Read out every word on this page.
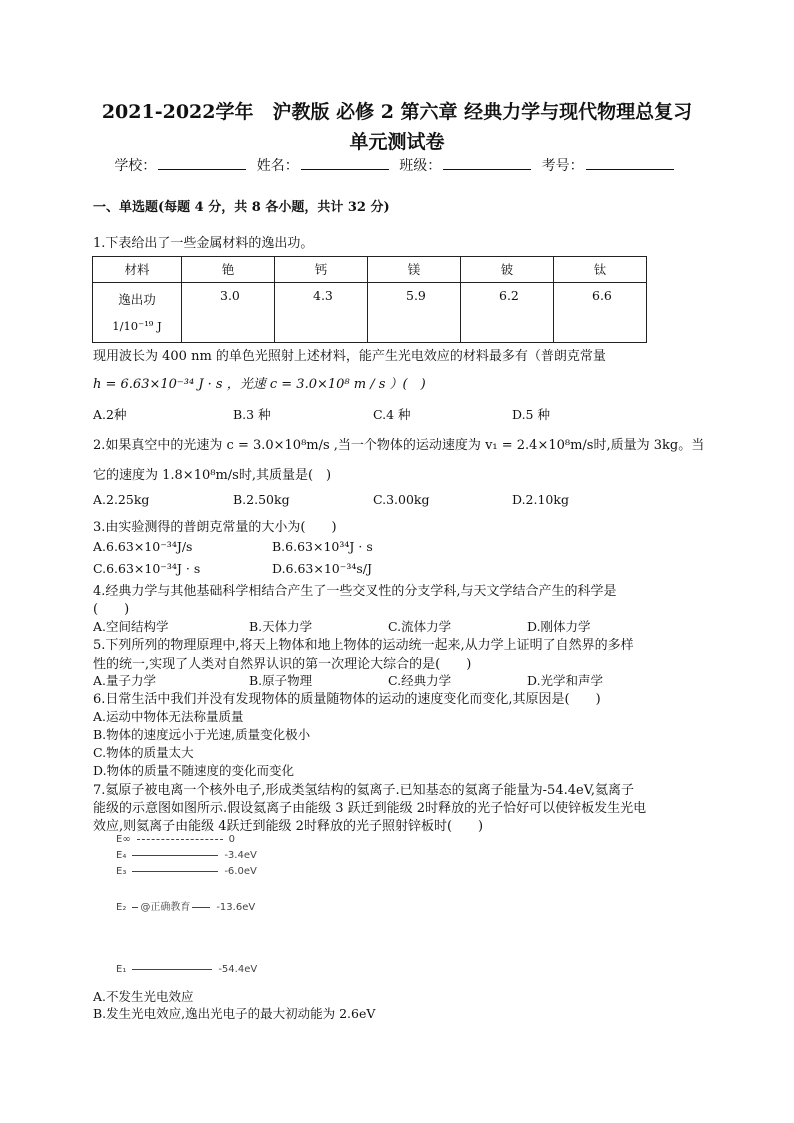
2021-2022学年　沪教版 必修 2 第六章 经典力学与现代物理总复习
单元测试卷
学校：	姓名：	班级：	考号：
一、单选题(每题 4 分，共 8 各小题，共计 32 分)
1.下表给出了一些金属材料的逸出功。
材料	铯	钙	镁	铍	钛

逸出功
1/10⁻¹⁹ J	3.0	4.3	5.9	6.2	6.6
现用波长为 400 nm 的单色光照射上述材料，能产生光电效应的材料最多有（普朗克常量
h = 6.63×10⁻³⁴ J · s ，光速 c = 3.0×10⁸ m / s ）(　)
A.2种	B.3 种	C.4 种	D.5 种
2.如果真空中的光速为 c = 3.0×10⁸m/s ,当一个物体的运动速度为 v₁ = 2.4×10⁸m/s时,质量为 3kg。当
它的速度为 1.8×10⁸m/s时,其质量是(　)
A.2.25kg	B.2.50kg	C.3.00kg	D.2.10kg
3.由实验测得的普朗克常量的大小为(　　)
A.6.63×10⁻³⁴J/s	B.6.63×10³⁴J · s
C.6.63×10⁻³⁴J · s	D.6.63×10⁻³⁴s/J
4.经典力学与其他基础科学相结合产生了一些交叉性的分支学科,与天文学结合产生的科学是
(　　)
A.空间结构学	B.天体力学	C.流体力学	D.刚体力学
5.下列所列的物理原理中,将天上物体和地上物体的运动统一起来,从力学上证明了自然界的多样
性的统一,实现了人类对自然界认识的第一次理论大综合的是(　　)
A.量子力学	B.原子物理	C.经典力学	D.光学和声学
6.日常生活中我们并没有发现物体的质量随物体的运动的速度变化而变化,其原因是(　　)
A.运动中物体无法称量质量
B.物体的速度远小于光速,质量变化极小
C.物体的质量太大
D.物体的质量不随速度的变化而变化
7.氦原子被电离一个核外电子,形成类氢结构的氦离子.已知基态的氦离子能量为-54.4eV,氦离子
能级的示意图如图所示.假设氦离子由能级 3 跃迁到能级 2时释放的光子恰好可以使锌板发生光电
效应,则氦离子由能级 4跃迁到能级 2时释放的光子照射锌板时(　　)
E∞	0
E₄	-3.4eV
E₃	-6.0eV
E₂ @正确教育	-13.6eV
E₁	-54.4eV
A.不发生光电效应
B.发生光电效应,逸出光电子的最大初动能为 2.6eV
